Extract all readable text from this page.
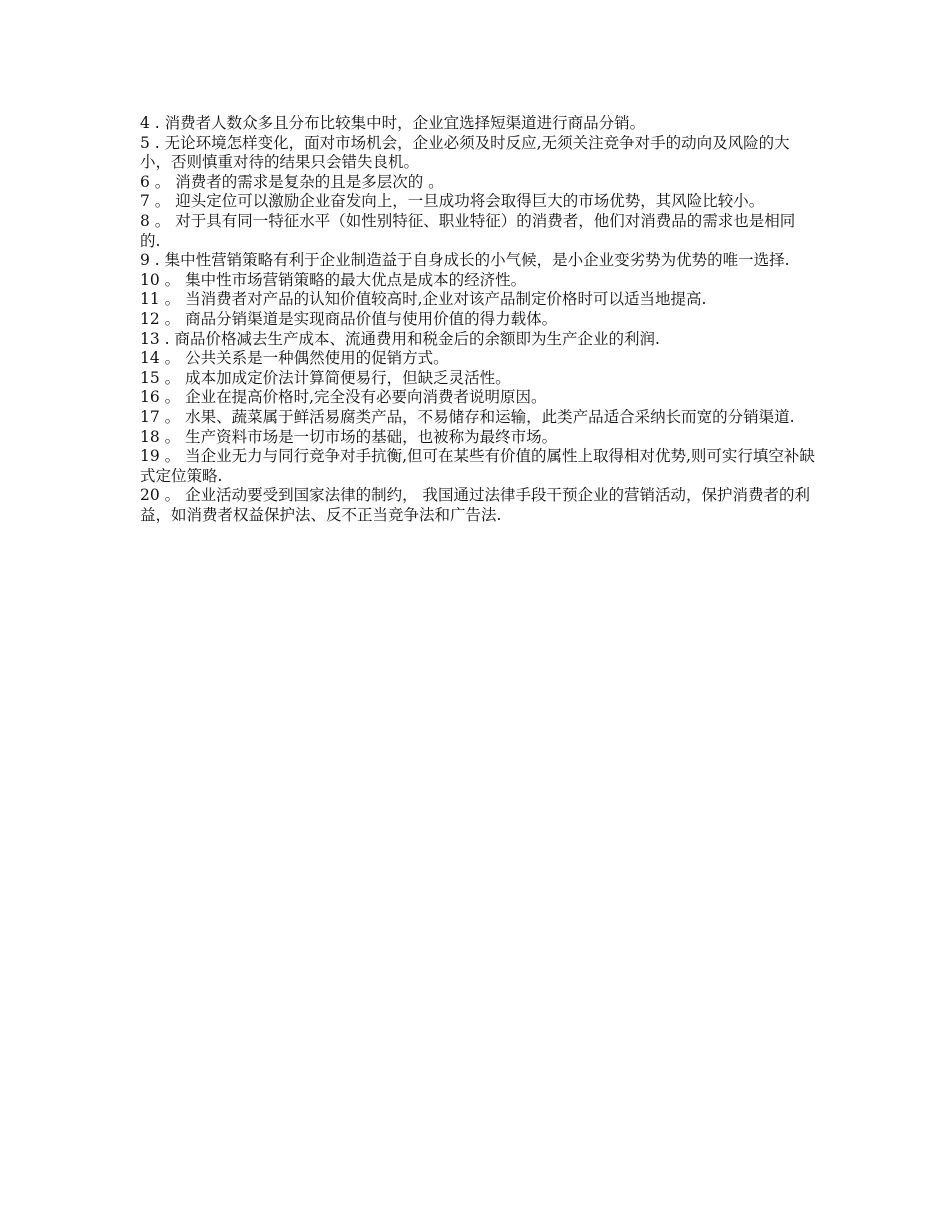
4 . 消费者人数众多且分布比较集中时，企业宜选择短渠道进行商品分销。

5 . 无论环境怎样变化，面对市场机会，企业必须及时反应,无须关注竞争对手的动向及风险的大小，否则慎重对待的结果只会错失良机。

6 。 消费者的需求是复杂的且是多层次的 。

7 。 迎头定位可以激励企业奋发向上，一旦成功将会取得巨大的市场优势，其风险比较小。

8 。 对于具有同一特征水平（如性别特征、职业特征）的消费者，他们对消费品的需求也是相同的.

9 . 集中性营销策略有利于企业制造益于自身成长的小气候，是小企业变劣势为优势的唯一选择.

10 。 集中性市场营销策略的最大优点是成本的经济性。

11 。 当消费者对产品的认知价值较高时,企业对该产品制定价格时可以适当地提高.

12 。 商品分销渠道是实现商品价值与使用价值的得力载体。

13 . 商品价格减去生产成本、流通费用和税金后的余额即为生产企业的利润.

14 。 公共关系是一种偶然使用的促销方式。

15 。 成本加成定价法计算简便易行，但缺乏灵活性。

16 。 企业在提高价格时,完全没有必要向消费者说明原因。

17 。 水果、蔬菜属于鲜活易腐类产品，不易储存和运输，此类产品适合采纳长而宽的分销渠道.

18 。 生产资料市场是一切市场的基础，也被称为最终市场。

19 。 当企业无力与同行竞争对手抗衡,但可在某些有价值的属性上取得相对优势,则可实行填空补缺式定位策略.

20 。 企业活动要受到国家法律的制约， 我国通过法律手段干预企业的营销活动，保护消费者的利益，如消费者权益保护法、反不正当竞争法和广告法.
